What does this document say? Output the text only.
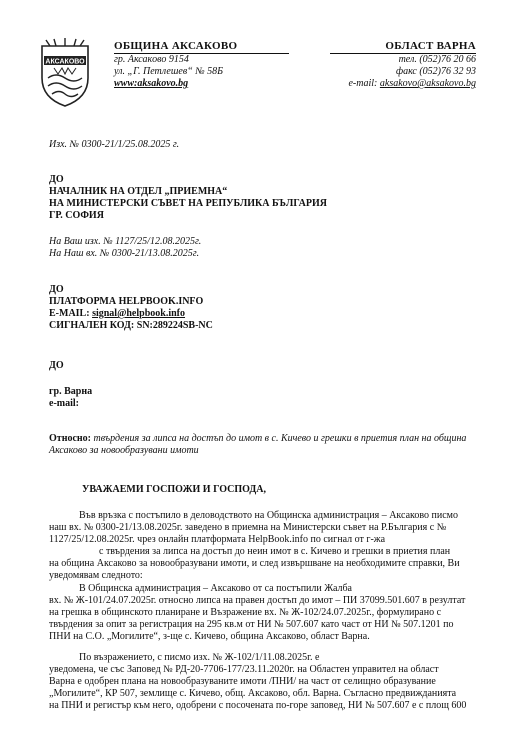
АКСАКОВО
ОБЩИНА АКСАКОВО
гр. Аксакoво 9154
ул. „Г. Петлешев“ № 58Б
www:aksakovo.bg
ОБЛАСТ ВАРНА
тел. (052)76 20 66
факс (052)76 32 93
e-mail: aksakovo@aksakovo.bg
Изх. № 0300-21/1/25.08.2025 г.
ДО
НАЧАЛНИК НА ОТДЕЛ „ПРИЕМНА“
НА МИНИСТЕРСКИ СЪВЕТ НА РЕПУБЛИКА БЪЛГАРИЯ
ГР. СОФИЯ
На Ваш изх. № 1127/25/12.08.2025г.
На Наш вх. № 0300-21/13.08.2025г.
ДО
ПЛАТФОРМА HELPBOOK.INFO
E-MAIL: signal@helpbook.info
СИГНАЛЕН КОД: SN:289224SB-NC
ДО
гр. Варна
e-mail:
Относно: твърдения за липса на достъп до имот в с. Кичево и грешки в приетия план на община Аксаково за новообразувани имоти
УВАЖАЕМИ ГОСПОЖИ И ГОСПОДА,
Във връзка с постъпило в деловодството на Общинска администрация – Аксаково писмо
наш вх. № 0300-21/13.08.2025г. заведено в приемна на Министерски съвет на Р.България с №
1127/25/12.08.2025г. чрез онлайн платформата HelpBook.info по сигнал от г-жа
с твърдения за липса на достъп до неин имот в с. Кичево и грешки в приетия план
на община Аксаково за новообразувани имоти, и след извършване на необходимите справки, Ви
уведомявам следното:
В Общинска администрация – Аксаково от са постъпили Жалба
вх. № Ж-101/24.07.2025г. относно липса на правен достъп до имот – ПИ 37099.501.607 в резултат
на грешка в общинското планиране и Възражение вх. № Ж-102/24.07.2025г., формулирано с
твърдения за опит за регистрация на 295 кв.м от НИ № 507.607 като част от НИ № 507.1201 по
ПНИ на С.О. „Могилите“, з-ще с. Кичево, община Аксаково, област Варна.
По възражението, с писмо изх. № Ж-102/1/11.08.2025г. е
уведомена, че със Заповед № РД-20-7706-177/23.11.2020г. на Областен управител на област
Варна е одобрен плана на новообразуваните имоти /ПНИ/ на част от селищно образувание
„Могилите“, КР 507, землище с. Кичево, общ. Аксаково, обл. Варна. Съгласно предвижданията
на ПНИ и регистър към него, одобрени с посочената по-горе заповед, НИ № 507.607 е с площ 600
